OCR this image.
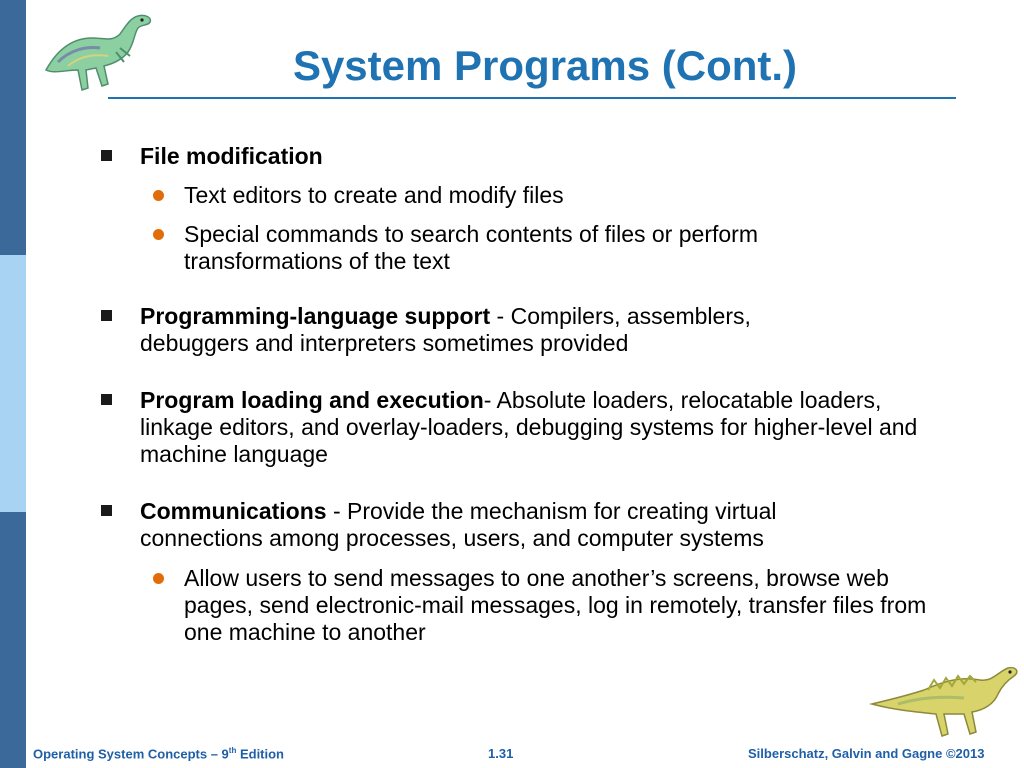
System Programs (Cont.)
File modification
Text editors to create and modify files
Special commands to search contents of files or perform transformations of the text
Programming-language support - Compilers, assemblers, debuggers and interpreters sometimes provided
Program loading and execution- Absolute loaders, relocatable loaders, linkage editors, and overlay-loaders, debugging systems for higher-level and machine language
Communications - Provide the mechanism for creating virtual connections among processes, users, and computer systems
Allow users to send messages to one another’s screens, browse web pages, send electronic-mail messages, log in remotely, transfer files from one machine to another
Operating System Concepts – 9th Edition	1.31	Silberschatz, Galvin and Gagne ©2013
